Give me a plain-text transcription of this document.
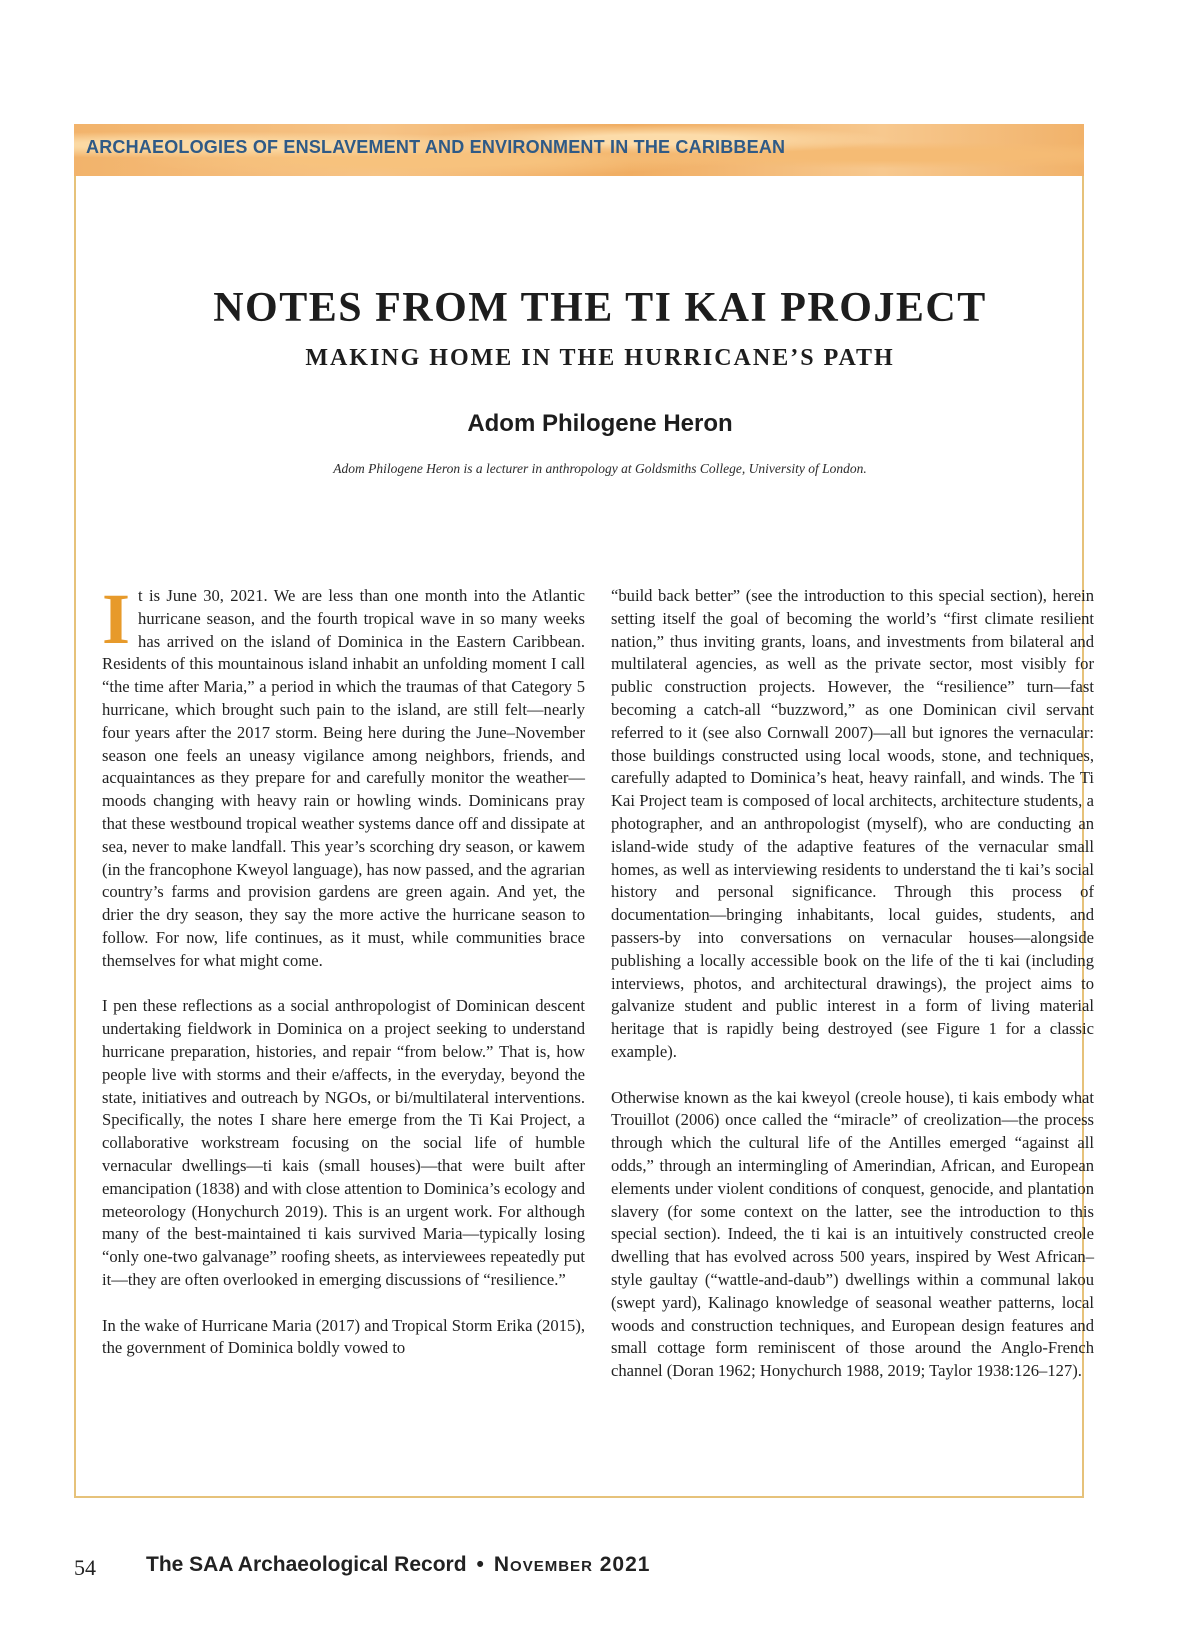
ARCHAEOLOGIES OF ENSLAVEMENT AND ENVIRONMENT IN THE CARIBBEAN
NOTES FROM THE TI KAI PROJECT
MAKING HOME IN THE HURRICANE’S PATH
Adom Philogene Heron
Adom Philogene Heron is a lecturer in anthropology at Goldsmiths College, University of London.

It is June 30, 2021. We are less than one month into the Atlantic hurricane season, and the fourth tropical wave in so many weeks has arrived on the island of Dominica in the Eastern Caribbean. Residents of this mountainous island inhabit an unfolding moment I call “the time after Maria,” a period in which the traumas of that Category 5 hurricane, which brought such pain to the island, are still felt—nearly four years after the 2017 storm. Being here during the June–November season one feels an uneasy vigilance among neighbors, friends, and acquaintances as they prepare for and carefully monitor the weather—moods changing with heavy rain or howling winds. Dominicans pray that these westbound tropical weather systems dance off and dissipate at sea, never to make landfall. This year’s scorching dry season, or kawem (in the francophone Kweyol language), has now passed, and the agrarian country’s farms and provision gardens are green again. And yet, the drier the dry season, they say the more active the hurricane season to follow. For now, life continues, as it must, while communities brace themselves for what might come.

I pen these reflections as a social anthropologist of Dominican descent undertaking fieldwork in Dominica on a project seeking to understand hurricane preparation, histories, and repair “from below.” That is, how people live with storms and their e/affects, in the everyday, beyond the state, initiatives and outreach by NGOs, or bi/multilateral interventions. Specifically, the notes I share here emerge from the Ti Kai Project, a collaborative workstream focusing on the social life of humble vernacular dwellings—ti kais (small houses)—that were built after emancipation (1838) and with close attention to Dominica’s ecology and meteorology (Honychurch 2019). This is an urgent work. For although many of the best-maintained ti kais survived Maria—typically losing “only one-two galvanage” roofing sheets, as interviewees repeatedly put it—they are often overlooked in emerging discussions of “resilience.”

In the wake of Hurricane Maria (2017) and Tropical Storm Erika (2015), the government of Dominica boldly vowed to

“build back better” (see the introduction to this special section), herein setting itself the goal of becoming the world’s “first climate resilient nation,” thus inviting grants, loans, and investments from bilateral and multilateral agencies, as well as the private sector, most visibly for public construction projects. However, the “resilience” turn—fast becoming a catch-all “buzzword,” as one Dominican civil servant referred to it (see also Cornwall 2007)—all but ignores the vernacular: those buildings constructed using local woods, stone, and techniques, carefully adapted to Dominica’s heat, heavy rainfall, and winds. The Ti Kai Project team is composed of local architects, architecture students, a photographer, and an anthropologist (myself), who are conducting an island-wide study of the adaptive features of the vernacular small homes, as well as interviewing residents to understand the ti kai’s social history and personal significance. Through this process of documentation—bringing inhabitants, local guides, students, and passers-by into conversations on vernacular houses—alongside publishing a locally accessible book on the life of the ti kai (including interviews, photos, and architectural drawings), the project aims to galvanize student and public interest in a form of living material heritage that is rapidly being destroyed (see Figure 1 for a classic example).

Otherwise known as the kai kweyol (creole house), ti kais embody what Trouillot (2006) once called the “miracle” of creolization—the process through which the cultural life of the Antilles emerged “against all odds,” through an intermingling of Amerindian, African, and European elements under violent conditions of conquest, genocide, and plantation slavery (for some context on the latter, see the introduction to this special section). Indeed, the ti kai is an intuitively constructed creole dwelling that has evolved across 500 years, inspired by West African–style gaultay (“wattle-and-daub”) dwellings within a communal lakou (swept yard), Kalinago knowledge of seasonal weather patterns, local woods and construction techniques, and European design features and small cottage form reminiscent of those around the Anglo-French channel (Doran 1962; Honychurch 1988, 2019; Taylor 1938:126–127).

54 The SAA Archaeological Record • November 2021
